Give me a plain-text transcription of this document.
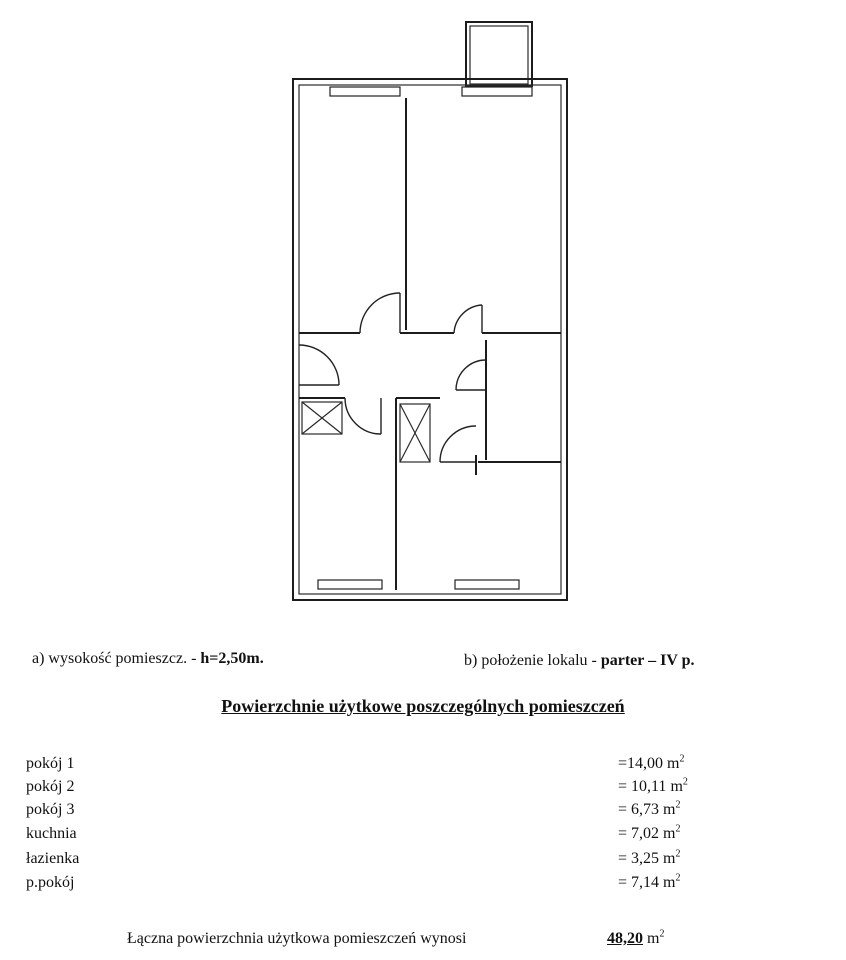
a) wysokość pomieszcz. - h=2,50m.	b) położenie lokalu - parter – IV p.
Powierzchnie użytkowe poszczególnych pomieszczeń
pokój 1	=14,00 $m^2$
pokój 2	= 10,11 $m^2$
pokój 3	= 6,73 $m^2$
kuchnia	= 7,02 $m^2$
łazienka	= 3,25 $m^2$
p.pokój	= 7,14 $m^2$
Łączna powierzchnia użytkowa pomieszczeń wynosi	48,20 $m^2$
